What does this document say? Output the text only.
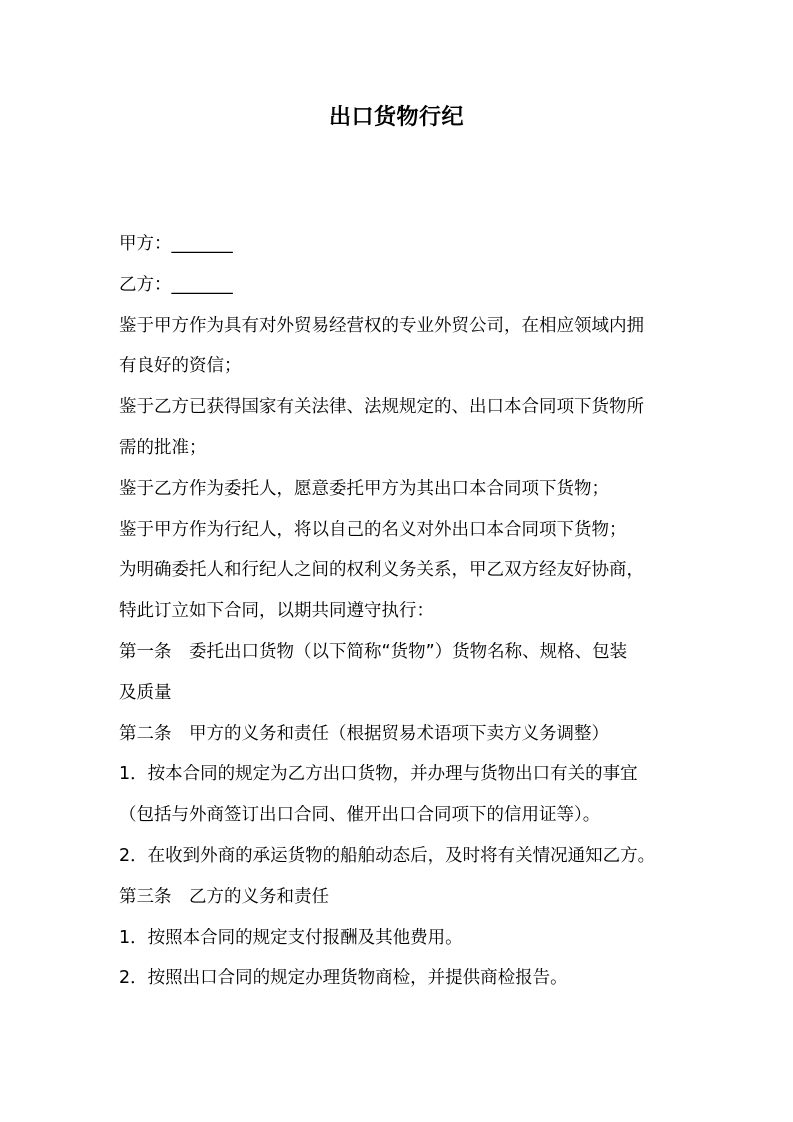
出口货物行纪
甲方：_______
乙方：_______
鉴于甲方作为具有对外贸易经营权的专业外贸公司，在相应领域内拥
有良好的资信；
鉴于乙方已获得国家有关法律、法规规定的、出口本合同项下货物所
需的批准；
鉴于乙方作为委托人，愿意委托甲方为其出口本合同项下货物；
鉴于甲方作为行纪人，将以自己的名义对外出口本合同项下货物；
为明确委托人和行纪人之间的权利义务关系，甲乙双方经友好协商，
特此订立如下合同，以期共同遵守执行：
第一条　委托出口货物（以下简称“货物”）货物名称、规格、包装
及质量
第二条　甲方的义务和责任（根据贸易术语项下卖方义务调整）
1．按本合同的规定为乙方出口货物，并办理与货物出口有关的事宜
（包括与外商签订出口合同、催开出口合同项下的信用证等）。
2．在收到外商的承运货物的船舶动态后，及时将有关情况通知乙方。
第三条　乙方的义务和责任
1．按照本合同的规定支付报酬及其他费用。
2．按照出口合同的规定办理货物商检，并提供商检报告。
